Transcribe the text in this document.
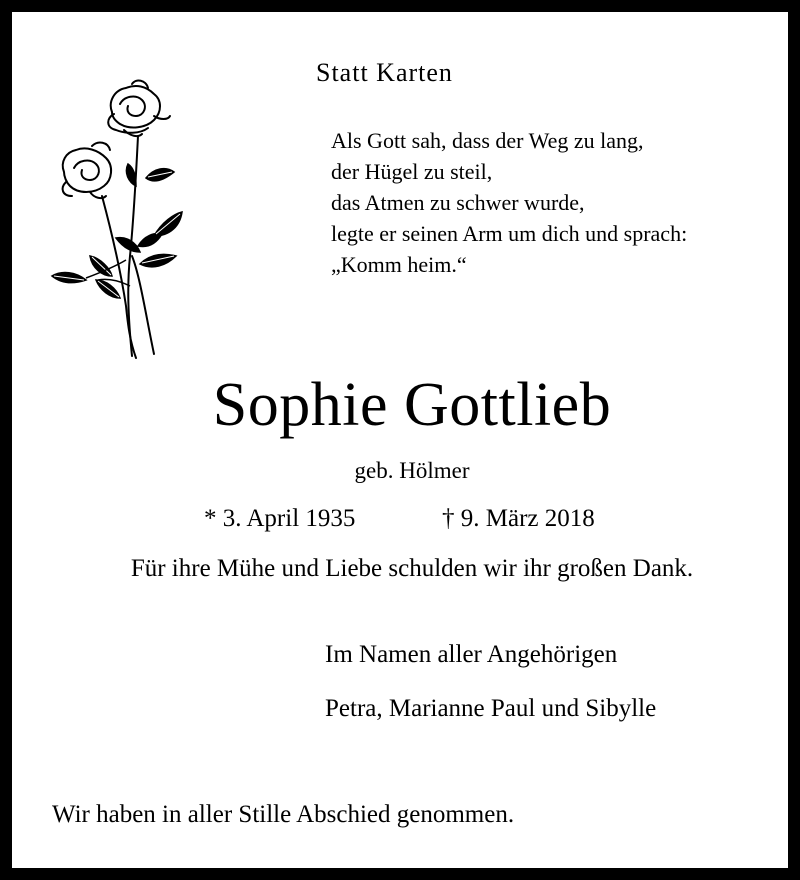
Statt Karten
Als Gott sah, dass der Weg zu lang,
der Hügel zu steil,
das Atmen zu schwer wurde,
legte er seinen Arm um dich und sprach:
„Komm heim.“
Sophie Gottlieb
geb. Hölmer
* 3. April 1935	† 9. März 2018
Für ihre Mühe und Liebe schulden wir ihr großen Dank.
Im Namen aller Angehörigen
Petra, Marianne Paul und Sibylle
Wir haben in aller Stille Abschied genommen.
